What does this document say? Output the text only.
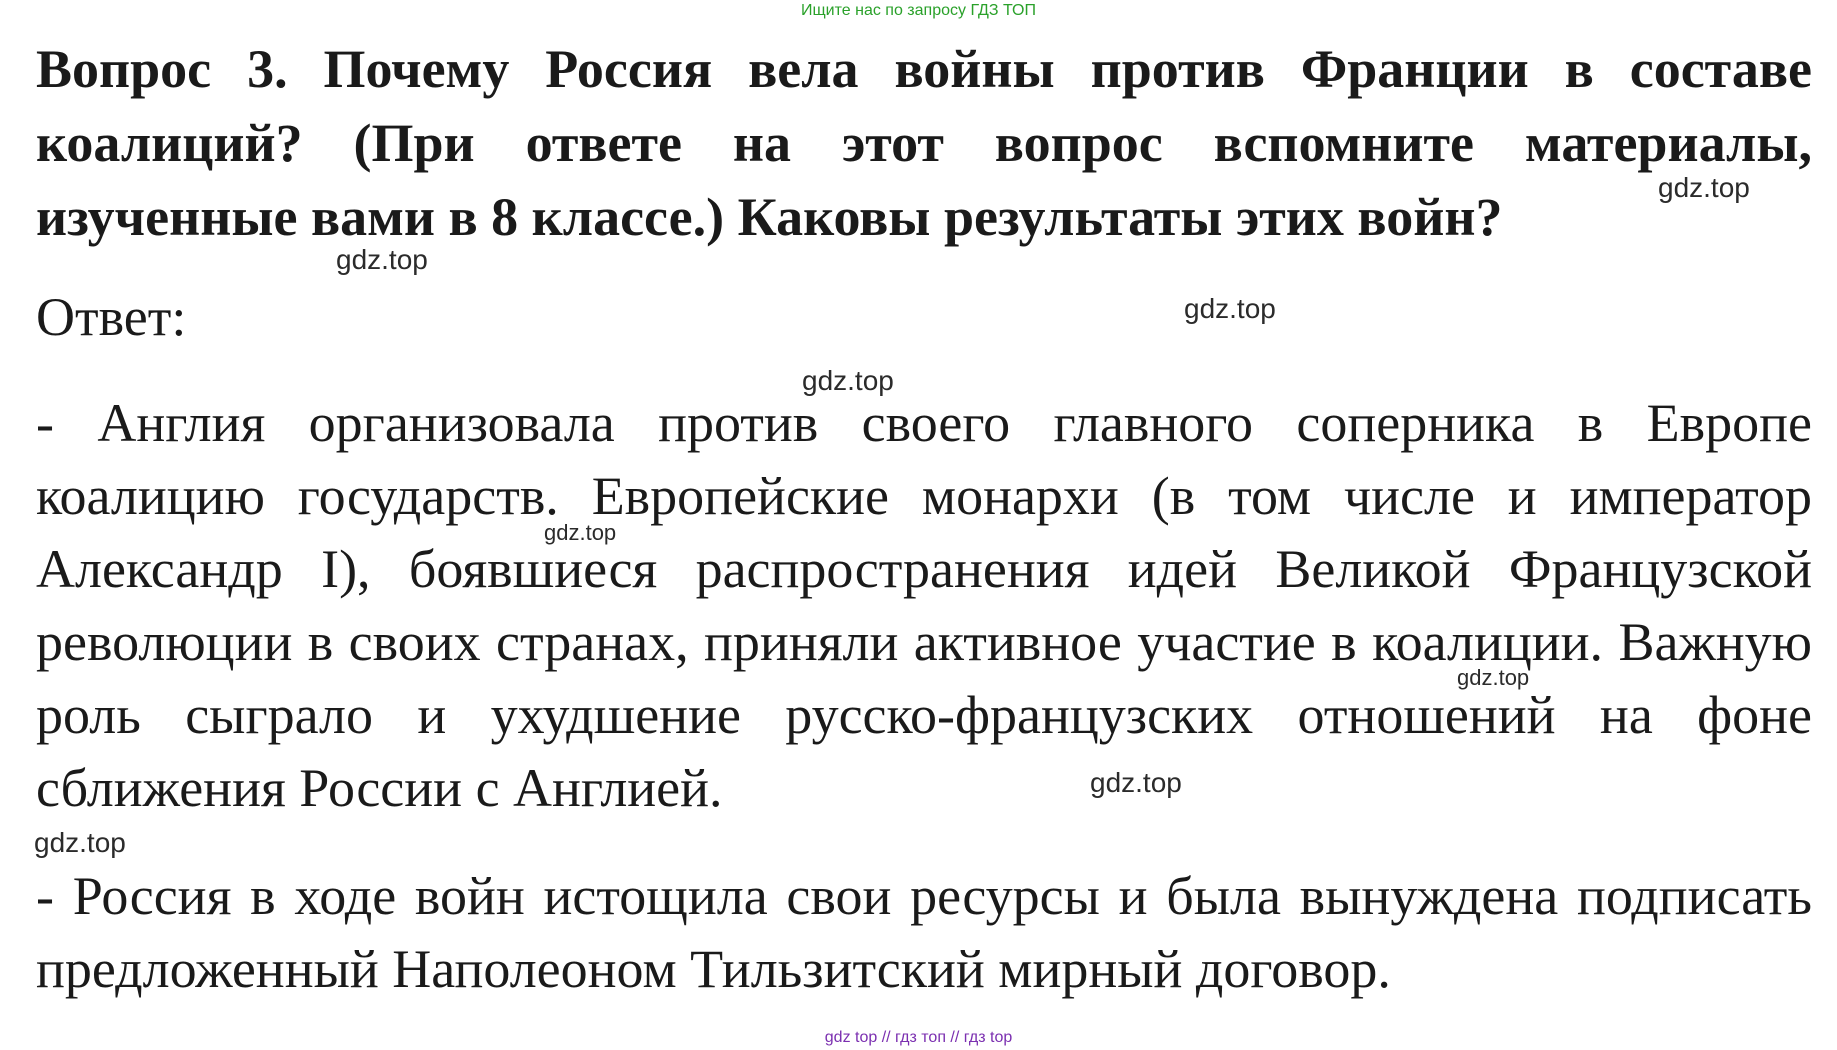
Ищите нас по запросу ГДЗ ТОП
Вопрос 3. Почему Россия вела войны против Франции в составе коалиций? (При ответе на этот вопрос вспомните материалы, изученные вами в 8 классе.) Каковы результаты этих войн?
Ответ:
- Англия организовала против своего главного соперника в Европе коалицию государств. Европейские монархи (в том числе и император Александр I), боявшиеся распространения идей Великой Французской революции в своих странах, приняли активное участие в коалиции. Важную роль сыграло и ухудшение русско-французских отношений на фоне сближения России с Англией.
- Россия в ходе войн истощила свои ресурсы и была вынуждена подписать предложенный Наполеоном Тильзитский мирный договор.
gdz.top
gdz.top
gdz.top
gdz.top
gdz.top
gdz.top
gdz.top
gdz.top
gdz top // гдз топ // гдз top
